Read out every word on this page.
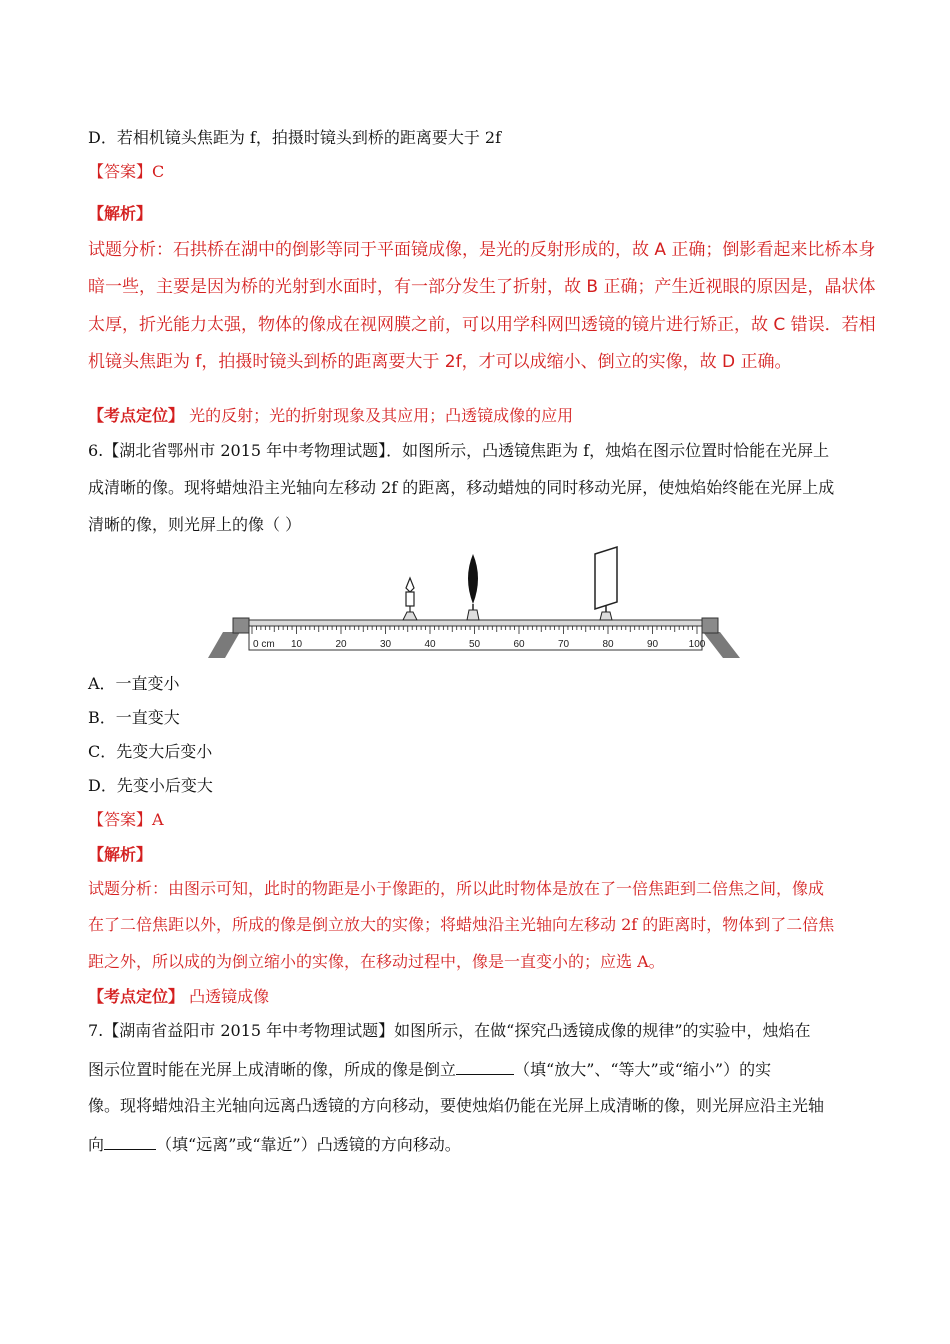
D．若相机镜头焦距为 f，拍摄时镜头到桥的距离要大于 2f
【答案】C
【解析】
试题分析：石拱桥在湖中的倒影等同于平面镜成像，是光的反射形成的，故 A 正确；倒影看起来比桥本身
暗一些，主要是因为桥的光射到水面时，有一部分发生了折射，故 B 正确；产生近视眼的原因是，晶状体
太厚，折光能力太强，物体的像成在视网膜之前，可以用学科网凹透镜的镜片进行矫正，故 C 错误．若相
机镜头焦距为 f，拍摄时镜头到桥的距离要大于 2f，才可以成缩小、倒立的实像，故 D 正确。
【考点定位】 光的反射；光的折射现象及其应用；凸透镜成像的应用
6.【湖北省鄂州市 2015 年中考物理试题】．如图所示，凸透镜焦距为 f，烛焰在图示位置时恰能在光屏上
成清晰的像。现将蜡烛沿主光轴向左移动 2f 的距离，移动蜡烛的同时移动光屏，使烛焰始终能在光屏上成
清晰的像，则光屏上的像（ ）
0 cm 10	20	30	40	50	60	70	80	90	100
A．一直变小
B．一直变大
C．先变大后变小
D．先变小后变大
【答案】A
【解析】
试题分析：由图示可知，此时的物距是小于像距的，所以此时物体是放在了一倍焦距到二倍焦之间，像成
在了二倍焦距以外，所成的像是倒立放大的实像；将蜡烛沿主光轴向左移动 2f 的距离时，物体到了二倍焦
距之外，所以成的为倒立缩小的实像，在移动过程中，像是一直变小的；应选 A。
【考点定位】 凸透镜成像
7.【湖南省益阳市 2015 年中考物理试题】如图所示，在做“探究凸透镜成像的规律”的实验中，烛焰在
图示位置时能在光屏上成清晰的像，所成的像是倒立	（填“放大”、“等大”或“缩小”）的实
像。现将蜡烛沿主光轴向远离凸透镜的方向移动，要使烛焰仍能在光屏上成清晰的像，则光屏应沿主光轴
向	（填“远离”或“靠近”）凸透镜的方向移动。
